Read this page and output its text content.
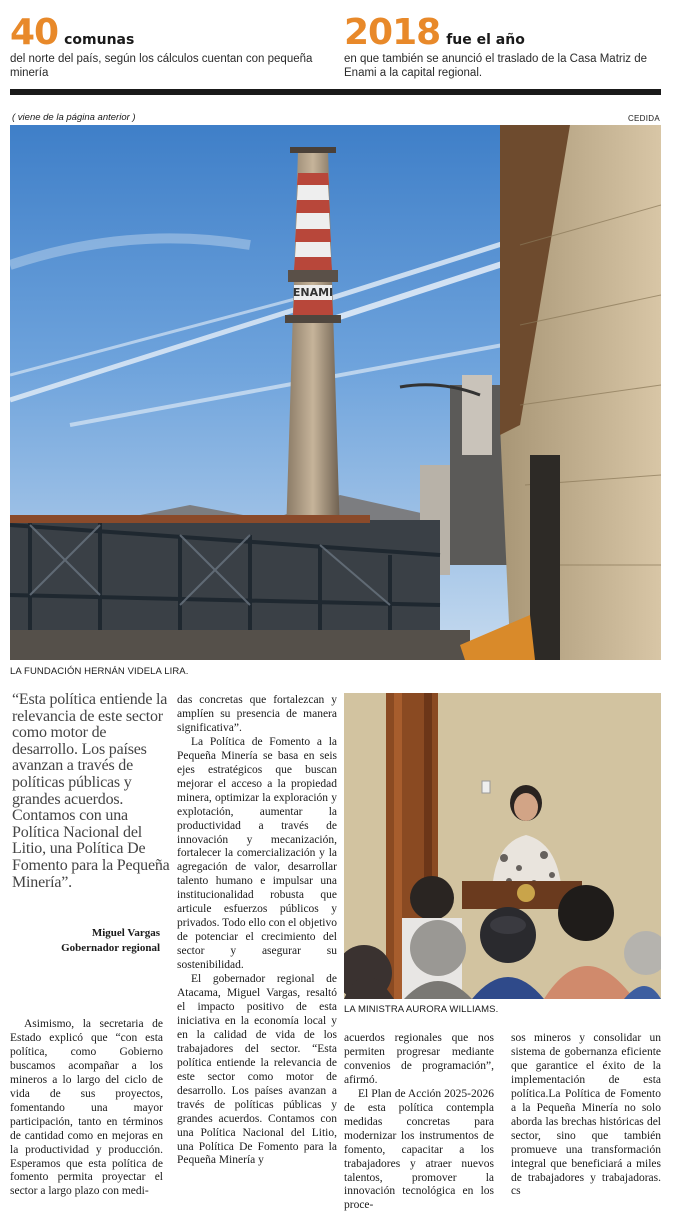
40 comunas
del norte del país, según los cálculos cuentan con pequeña minería
2018 fue el año
en que también se anunció el traslado de la Casa Matriz de Enami a la capital regional.
( viene de la página anterior )	CEDIDA
ENAMI
LA FUNDACIÓN HERNÁN VIDELA LIRA.
“Esta política entiende la relevancia de este sector como motor de desarrollo. Los países avanzan a través de políticas públicas y grandes acuerdos. Contamos con una Política Nacional del Litio, una Política De Fomento para la Pequeña Minería”.
Miguel Vargas
Gobernador regional

das concretas que fortalezcan y amplíen su presencia de manera significativa”.

La Política de Fomento a la Pequeña Minería se basa en seis ejes estratégicos que buscan mejorar el acceso a la propiedad minera, optimizar la exploración y explotación, aumentar la productividad a través de innovación y mecanización, fortalecer la comercialización y la agregación de valor, desarrollar talento humano e impulsar una institucionalidad robusta que articule esfuerzos públicos y privados. Todo ello con el objetivo de potenciar el crecimiento del sector y asegurar su sostenibilidad.

El gobernador regional de Atacama, Miguel Vargas, resaltó el impacto positivo de esta iniciativa en la economía local y en la calidad de vida de los trabajadores del sector. “Esta política entiende la relevancia de este sector como motor de desarrollo. Los países avanzan a través de políticas públicas y grandes acuerdos. Contamos con una Política Nacional del Litio, una Política De Fomento para la Pequeña Minería y

Asimismo, la secretaria de Estado explicó que “con esta política, como Gobierno buscamos acompañar a los mineros a lo largo del ciclo de vida de sus proyectos, fomentando una mayor participación, tanto en términos de cantidad como en mejoras en la productividad y producción. Esperamos que esta política de fomento permita proyectar el sector a largo plazo con medi-

LA MINISTRA AURORA WILLIAMS.

acuerdos regionales que nos permiten progresar mediante convenios de programación”, afirmó.

El Plan de Acción 2025-2026 de esta política contempla medidas concretas para modernizar los instrumentos de fomento, capacitar a los trabajadores y atraer nuevos talentos, promover la innovación tecnológica en los proce-

sos mineros y consolidar un sistema de gobernanza eficiente que garantice el éxito de la implementación de esta política.La Política de Fomento a la Pequeña Minería no solo aborda las brechas históricas del sector, sino que también promueve una transformación integral que beneficiará a miles de trabajadores y trabajadoras. cs
